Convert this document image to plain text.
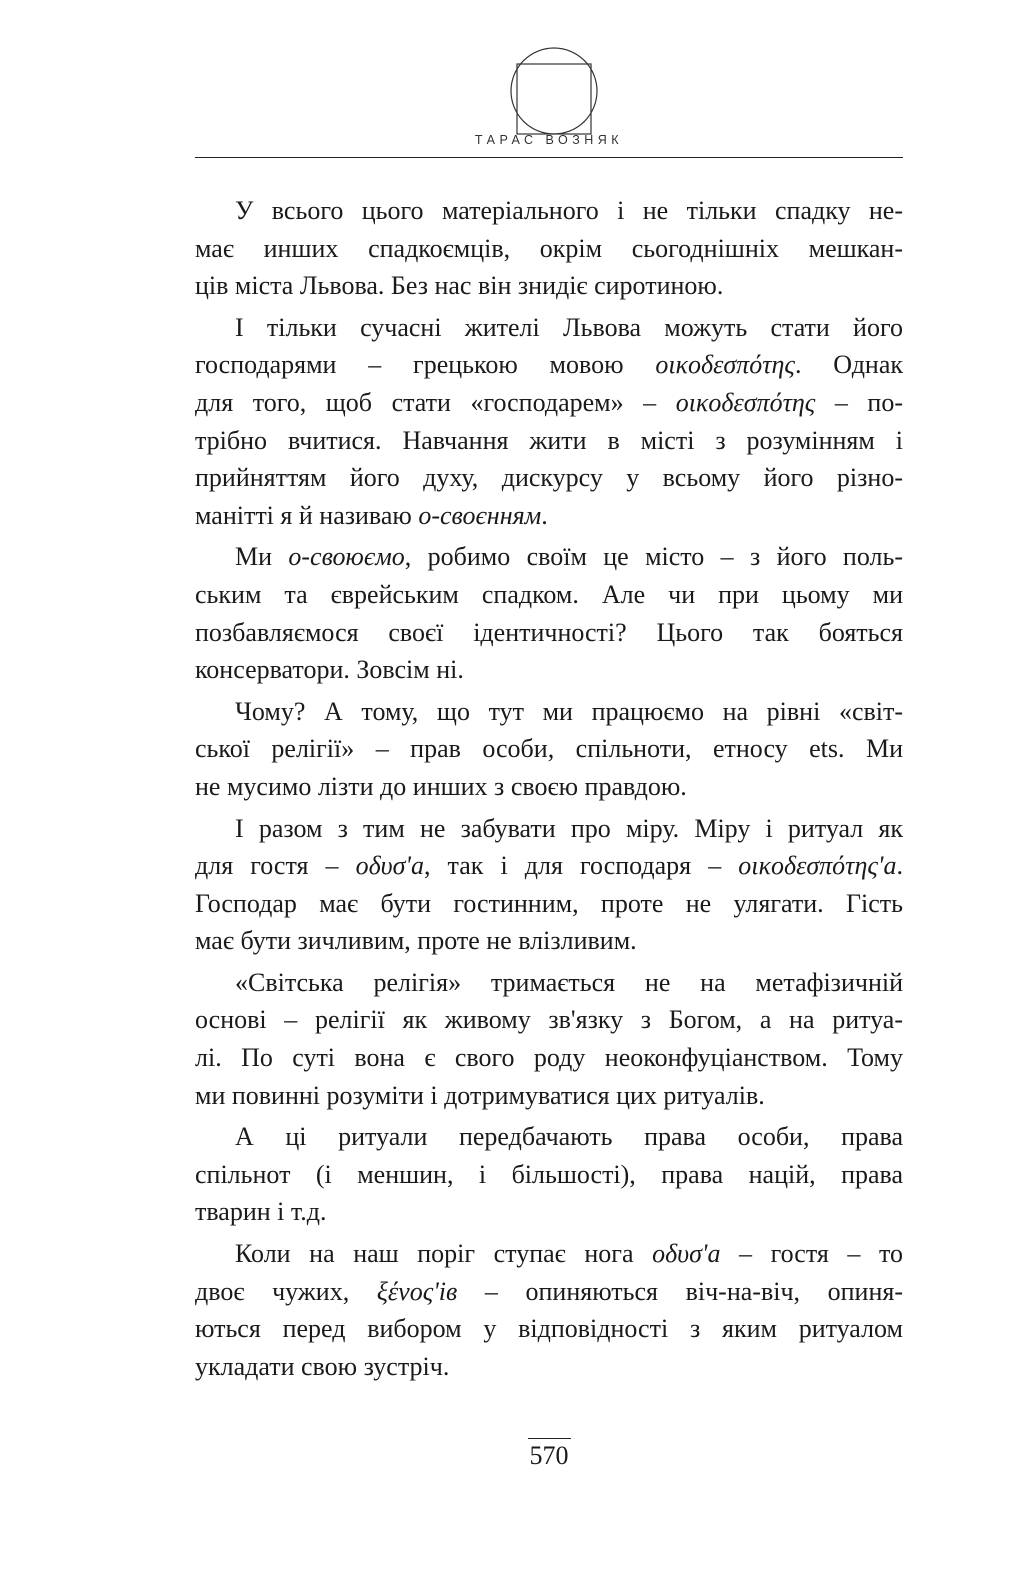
ТАРАС ВОЗНЯК
У всього цього матеріального і не тільки спадку не-
має инших спадкоємців, окрім сьогоднішніх мешкан-
ців міста Львова. Без нас він знидіє сиротиною.
І тільки сучасні жителі Львова можуть стати його
господарями – грецькою мовою οικοδεσπότης. Однак
для того, щоб стати «господарем» – οικοδεσπότης – по-
трібно вчитися. Навчання жити в місті з розумінням і
прийняттям його духу, дискурсу у всьому його різно-
манітті я й називаю о-своєнням.
Ми о-своюємо, робимо своїм це місто – з його поль-
ським та єврейським спадком. Але чи при цьому ми
позбавляємося своєї ідентичності? Цього так бояться
консерватори. Зовсім ні.
Чому? А тому, що тут ми працюємо на рівні «світ-
ської релігії» – прав особи, спільноти, етносу ets. Ми
не мусимо лізти до инших з своєю правдою.
І разом з тим не забувати про міру. Міру і ритуал як
для гостя – οδυσ'а, так і для господаря – οικοδεσπότης'а.
Господар має бути гостинним, проте не улягати. Гість
має бути зичливим, проте не влізливим.
«Світська релігія» тримається не на метафізичній
основі – релігії як живому зв'язку з Богом, а на ритуа-
лі. По суті вона є свого роду неоконфуціанством. Тому
ми повинні розуміти і дотримуватися цих ритуалів.
А ці ритуали передбачають права особи, права
спільнот (і меншин, і більшості), права націй, права
тварин і т.д.
Коли на наш поріг ступає нога οδυσ'а – гостя – то
двоє чужих, ξένος'ів – опиняються віч-на-віч, опиня-
ються перед вибором у відповідності з яким ритуалом
укладати свою зустріч.
570
